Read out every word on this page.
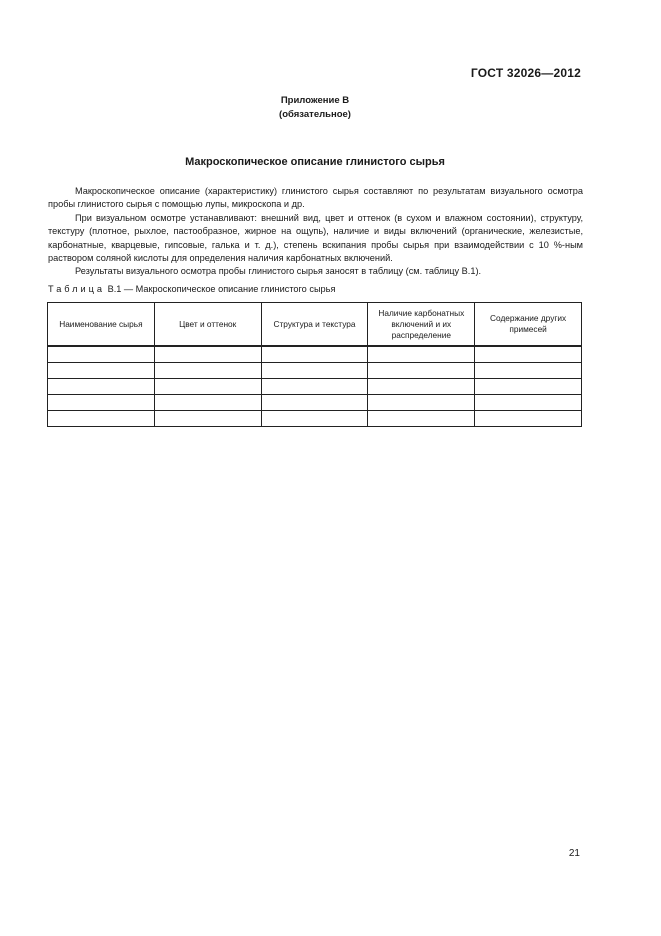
ГОСТ 32026—2012
Приложение В
(обязательное)
Макроскопическое описание глинистого сырья

Макроскопическое описание (характеристику) глинистого сырья составляют по результатам визуального осмотра пробы глинистого сырья с помощью лупы, микроскопа и др.

При визуальном осмотре устанавливают: внешний вид, цвет и оттенок (в сухом и влажном состоянии), структуру, текстуру (плотное, рыхлое, пастообразное, жирное на ощупь), наличие и виды включений (органические, железистые, карбонатные, кварцевые, гипсовые, галька и т. д.), степень вскипания пробы сырья при взаимодействии с 10 %-ным раствором соляной кислоты для определения наличия карбонатных включений.

Результаты визуального осмотра пробы глинистого сырья заносят в таблицу (см. таблицу В.1).

Таблица В.1 — Макроскопическое описание глинистого сырья
Наименование сырья	Цвет и оттенок	Структура и текстура	Наличие карбонатных включений и их распределение	Содержание других примесей

21
